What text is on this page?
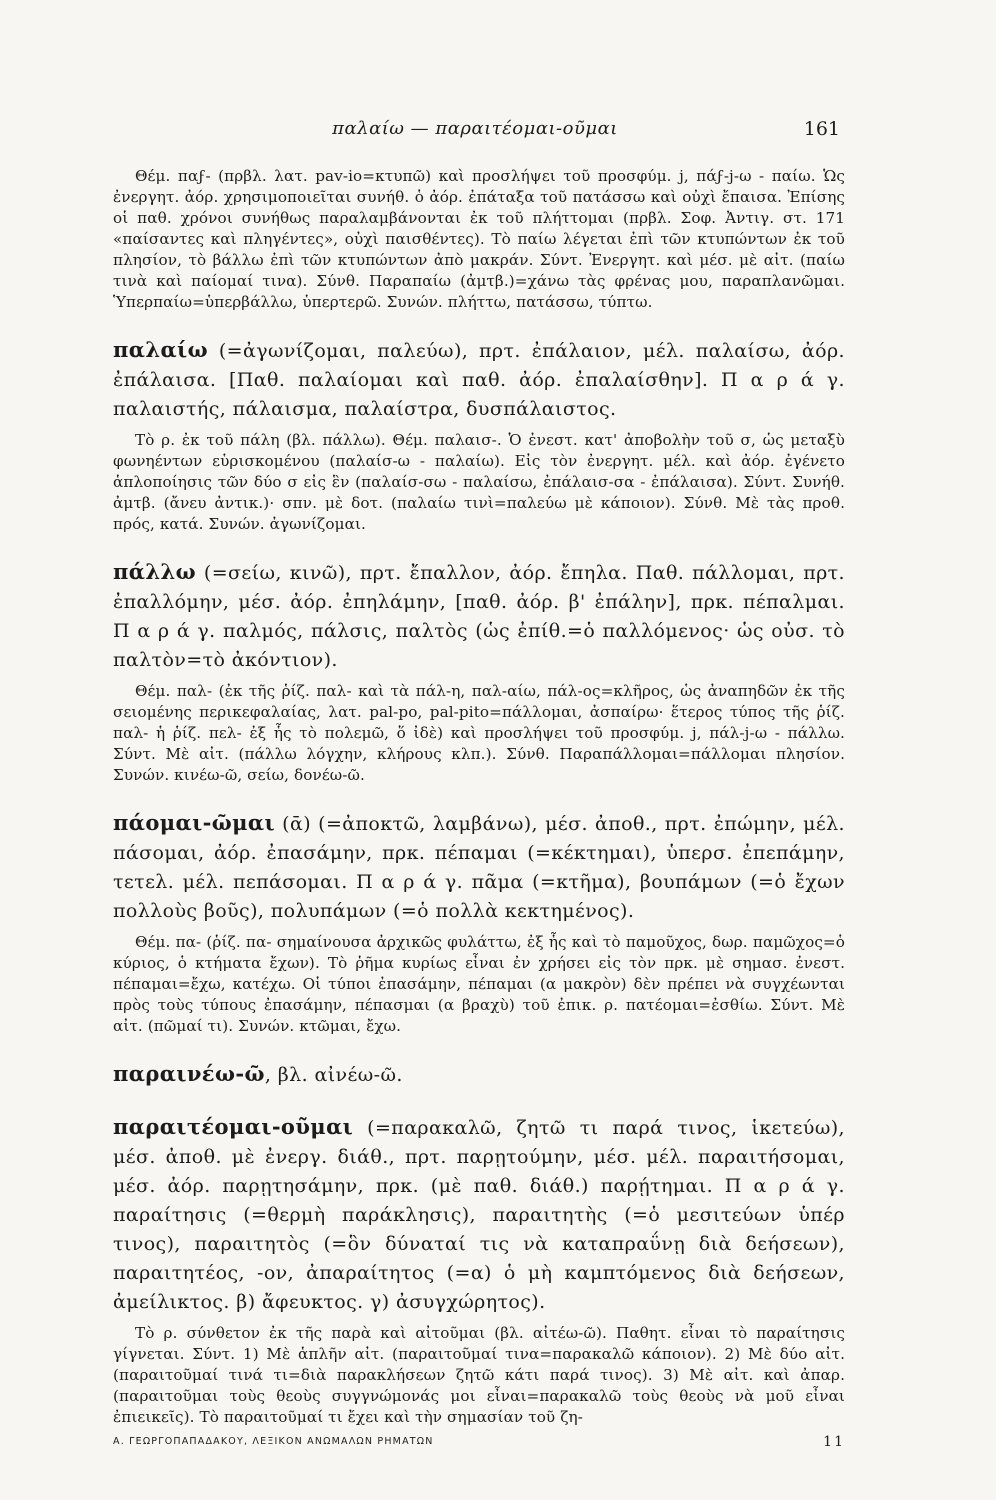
παλαίω — παραιτέομαι-οῦμαι	161

Θέμ. παϝ- (πρβλ. λατ. pav-io=κτυπῶ) καὶ προσλήψει τοῦ προσφύμ. j, πάϝ-j-ω - παίω. Ὡς ἐνεργητ. ἀόρ. χρησιμοποιεῖται συνήθ. ὁ ἀόρ. ἐπάταξα τοῦ πατάσσω καὶ οὐχὶ ἔπαισα. Ἐπίσης οἱ παθ. χρόνοι συνήθως παραλαμβάνονται ἐκ τοῦ πλήττομαι (πρβλ. Σοφ. Ἀντιγ. στ. 171 «παίσαντες καὶ πληγέντες», οὐχὶ παισθέντες). Τὸ παίω λέγεται ἐπὶ τῶν κτυπώντων ἐκ τοῦ πλησίον, τὸ βάλλω ἐπὶ τῶν κτυπώντων ἀπὸ μακράν. Σύντ. Ἐνεργητ. καὶ μέσ. μὲ αἰτ. (παίω τινὰ καὶ παίομαί τινα). Σύνθ. Παραπαίω (ἀμτβ.)=χάνω τὰς φρένας μου, παραπλανῶμαι. Ὑπερπαίω=ὑπερβάλλω, ὑπερτερῶ. Συνών. πλήττω, πατάσσω, τύπτω.

παλαίω (=ἀγωνίζομαι, παλεύω), πρτ. ἐπάλαιον, μέλ. παλαίσω, ἀόρ. ἐπάλαισα. [Παθ. παλαίομαι καὶ παθ. ἀόρ. ἐπαλαίσθην]. Π α ρ ά γ. παλαιστής, πάλαισμα, παλαίστρα, δυσπάλαιστος.

Τὸ ρ. ἐκ τοῦ πάλη (βλ. πάλλω). Θέμ. παλαισ-. Ὁ ἐνεστ. κατ' ἀποβολὴν τοῦ σ, ὡς μεταξὺ φωνηέντων εὑρισκομένου (παλαίσ-ω - παλαίω). Εἰς τὸν ἐνεργητ. μέλ. καὶ ἀόρ. ἐγένετο ἁπλοποίησις τῶν δύο σ εἰς ἓν (παλαίσ-σω - παλαίσω, ἐπάλαισ-σα - ἐπάλαισα). Σύντ. Συνήθ. ἀμτβ. (ἄνευ ἀντικ.)· σπν. μὲ δοτ. (παλαίω τινὶ=παλεύω μὲ κάποιον). Σύνθ. Μὲ τὰς προθ. πρός, κατά. Συνών. ἀγωνίζομαι.

πάλλω (=σείω, κινῶ), πρτ. ἔπαλλον, ἀόρ. ἔπηλα. Παθ. πάλλομαι, πρτ. ἐπαλλόμην, μέσ. ἀόρ. ἐπηλάμην, [παθ. ἀόρ. β' ἐπάλην], πρκ. πέπαλμαι. Π α ρ ά γ. παλμός, πάλσις, παλτὸς (ὡς ἐπίθ.=ὁ παλλόμενος· ὡς οὐσ. τὸ παλτὸν=τὸ ἀκόντιον).

Θέμ. παλ- (ἐκ τῆς ῥίζ. παλ- καὶ τὰ πάλ-η, παλ-αίω, πάλ-ος=κλῆρος, ὡς ἀναπηδῶν ἐκ τῆς σειομένης περικεφαλαίας, λατ. pal-po, pal-pito=πάλλομαι, ἀσπαίρω· ἕτερος τύπος τῆς ῥίζ. παλ- ἡ ῥίζ. πελ- ἐξ ἧς τὸ πολεμῶ, ὅ ἰδὲ) καὶ προσλήψει τοῦ προσφύμ. j, πάλ-j-ω - πάλλω. Σύντ. Μὲ αἰτ. (πάλλω λόγχην, κλήρους κλπ.). Σύνθ. Παραπάλλομαι=πάλλομαι πλησίον. Συνών. κινέω-ῶ, σείω, δονέω-ῶ.

πάομαι-ῶμαι (ᾱ) (=ἀποκτῶ, λαμβάνω), μέσ. ἀποθ., πρτ. ἐπώμην, μέλ. πάσομαι, ἀόρ. ἐπασάμην, πρκ. πέπαμαι (=κέκτημαι), ὑπερσ. ἐπεπάμην, τετελ. μέλ. πεπάσομαι. Π α ρ ά γ. πᾶμα (=κτῆμα), βουπάμων (=ὁ ἔχων πολλοὺς βοῦς), πολυπάμων (=ὁ πολλὰ κεκτημένος).

Θέμ. πα- (ῥίζ. πα- σημαίνουσα ἀρχικῶς φυλάττω, ἐξ ἧς καὶ τὸ παμοῦχος, δωρ. παμῶχος=ὁ κύριος, ὁ κτήματα ἔχων). Τὸ ῥῆμα κυρίως εἶναι ἐν χρήσει εἰς τὸν πρκ. μὲ σημασ. ἐνεστ. πέπαμαι=ἔχω, κατέχω. Οἱ τύποι ἐπασάμην, πέπαμαι (α μακρὸν) δὲν πρέπει νὰ συγχέωνται πρὸς τοὺς τύπους ἐπασάμην, πέπασμαι (α βραχὺ) τοῦ ἐπικ. ρ. πατέομαι=ἐσθίω. Σύντ. Μὲ αἰτ. (πῶμαί τι). Συνών. κτῶμαι, ἔχω.

παραινέω-ῶ, βλ. αἰνέω-ῶ.

παραιτέομαι-οῦμαι (=παρακαλῶ, ζητῶ τι παρά τινος, ἱκετεύω), μέσ. ἀποθ. μὲ ἐνεργ. διάθ., πρτ. παρῃτούμην, μέσ. μέλ. παραιτήσομαι, μέσ. ἀόρ. παρῃτησάμην, πρκ. (μὲ παθ. διάθ.) παρῄτημαι. Π α ρ ά γ. παραίτησις (=θερμὴ παράκλησις), παραιτητὴς (=ὁ μεσιτεύων ὑπέρ τινος), παραιτητὸς (=ὃν δύναταί τις νὰ καταπραΰνῃ διὰ δεήσεων), παραιτητέος, -ον, ἀπαραίτητος (=α) ὁ μὴ καμπτόμενος διὰ δεήσεων, ἀμείλικτος. β) ἄφευκτος. γ) ἀσυγχώρητος).

Τὸ ρ. σύνθετον ἐκ τῆς παρὰ καὶ αἰτοῦμαι (βλ. αἰτέω-ῶ). Παθητ. εἶναι τὸ παραίτησις γίγνεται. Σύντ. 1) Μὲ ἁπλῆν αἰτ. (παραιτοῦμαί τινα=παρακαλῶ κάποιον). 2) Μὲ δύο αἰτ. (παραιτοῦμαί τινά τι=διὰ παρακλήσεων ζητῶ κάτι παρά τινος). 3) Μὲ αἰτ. καὶ ἀπαρ. (παραιτοῦμαι τοὺς θεοὺς συγγνώμονάς μοι εἶναι=παρακαλῶ τοὺς θεοὺς νὰ μοῦ εἶναι ἐπιεικεῖς). Τὸ παραιτοῦμαί τι ἔχει καὶ τὴν σημασίαν τοῦ ζη-

Α. ΓΕΩΡΓΟΠΑΠΑΔΑΚΟΥ, ΛΕΞΙΚΟΝ ΑΝΩΜΑΛΩΝ ΡΗΜΑΤΩΝ	11
